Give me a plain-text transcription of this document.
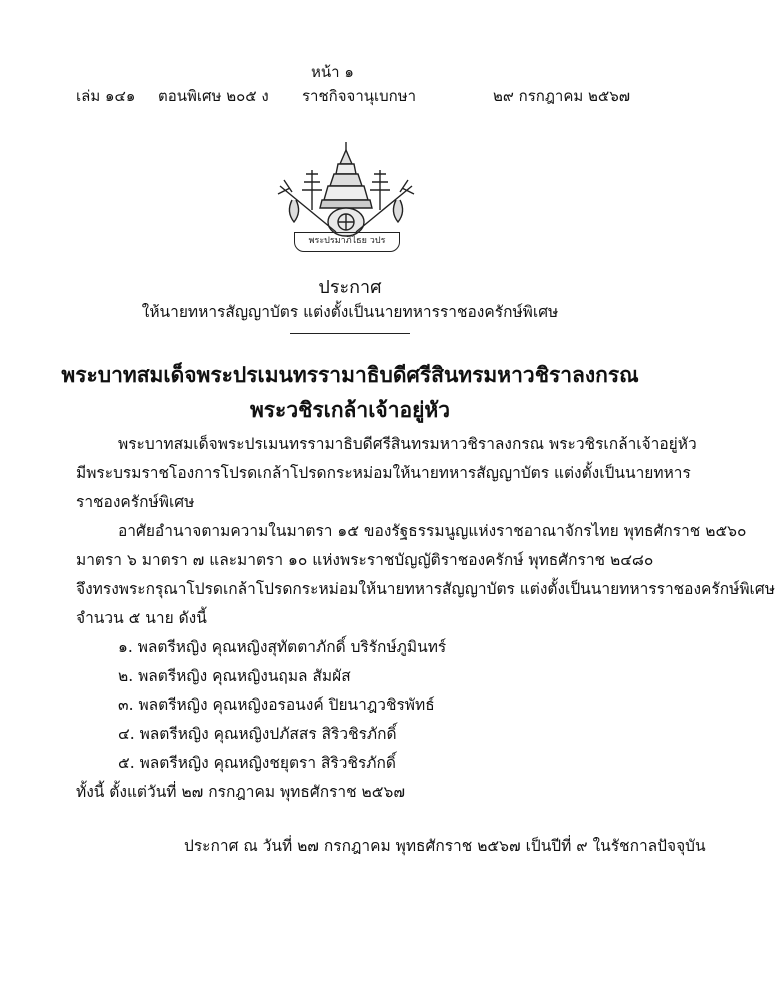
หน้า ๑
เล่ม ๑๔๑ ตอนพิเศษ ๒๐๕ ง ราชกิจจานุเบกษา	๒๙ กรกฎาคม ๒๕๖๗
พระปรมาภิไธย วปร
ประกาศ
ให้นายทหารสัญญาบัตร แต่งตั้งเป็นนายทหารราชองครักษ์พิเศษ
พระบาทสมเด็จพระปรเมนทรรามาธิบดีศรีสินทรมหาวชิราลงกรณ
พระวชิรเกล้าเจ้าอยู่หัว
พระบาทสมเด็จพระปรเมนทรรามาธิบดีศรีสินทรมหาวชิราลงกรณ พระวชิรเกล้าเจ้าอยู่หัว
มีพระบรมราชโองการโปรดเกล้าโปรดกระหม่อมให้นายทหารสัญญาบัตร แต่งตั้งเป็นนายทหาร
ราชองครักษ์พิเศษ
อาศัยอำนาจตามความในมาตรา ๑๕ ของรัฐธรรมนูญแห่งราชอาณาจักรไทย พุทธศักราช ๒๕๖๐
มาตรา ๖ มาตรา ๗ และมาตรา ๑๐ แห่งพระราชบัญญัติราชองครักษ์ พุทธศักราช ๒๔๘๐
จึงทรงพระกรุณาโปรดเกล้าโปรดกระหม่อมให้นายทหารสัญญาบัตร แต่งตั้งเป็นนายทหารราชองครักษ์พิเศษ
จำนวน ๕ นาย ดังนี้
๑. พลตรีหญิง คุณหญิงสุทัตตาภักดิ์ บริรักษ์ภูมินทร์
๒. พลตรีหญิง คุณหญิงนฤมล สัมผัส
๓. พลตรีหญิง คุณหญิงอรอนงค์ ปิยนาฎวชิรพัทธ์
๔. พลตรีหญิง คุณหญิงปภัสสร สิริวชิรภักดิ์
๕. พลตรีหญิง คุณหญิงชยุตรา สิริวชิรภักดิ์
ทั้งนี้ ตั้งแต่วันที่ ๒๗ กรกฎาคม พุทธศักราช ๒๕๖๗
ประกาศ ณ วันที่ ๒๗ กรกฎาคม พุทธศักราช ๒๕๖๗ เป็นปีที่ ๙ ในรัชกาลปัจจุบัน
